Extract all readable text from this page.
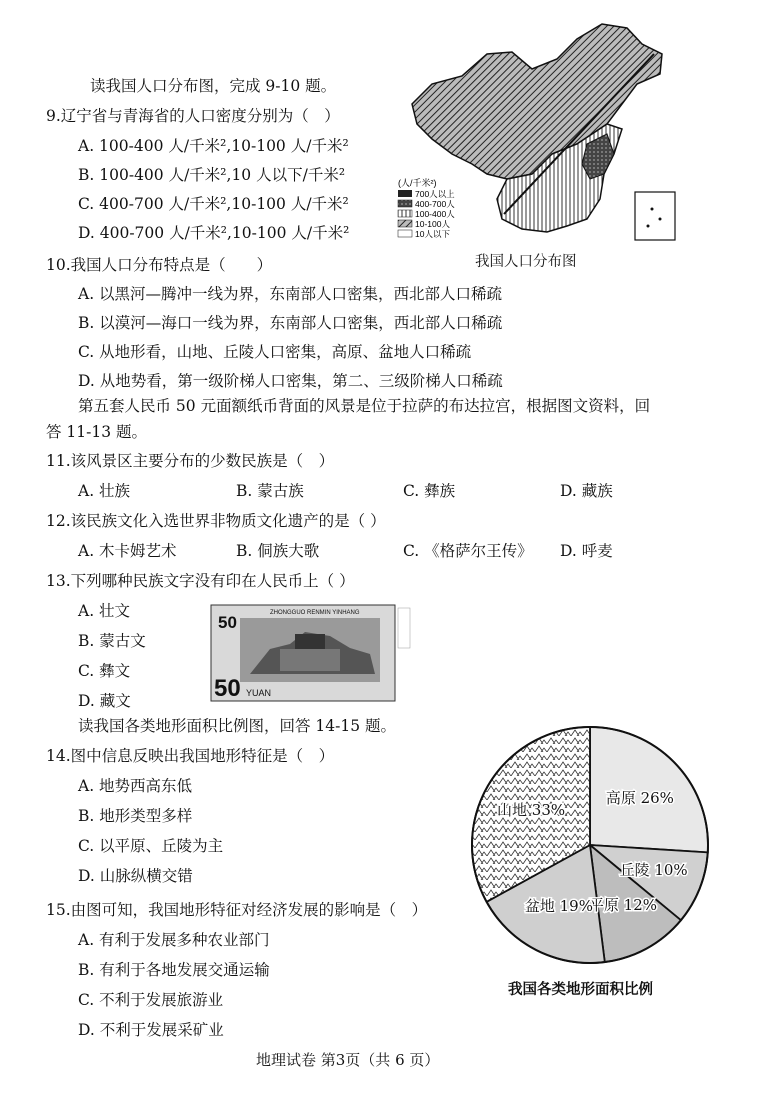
读我国人口分布图，完成 9-10 题。
9.辽宁省与青海省的人口密度分别为（　）
A. 100-400 人/千米²,10-100 人/千米²
B. 100-400 人/千米²,10 人以下/千米²
C. 400-700 人/千米²,10-100 人/千米²
D. 400-700 人/千米²,10-100 人/千米²
(人/千米²)
700人以上
400-700人
100-400人
10-100人
10人以下
我国人口分布图
10.我国人口分布特点是（　　）
A. 以黑河—腾冲一线为界，东南部人口密集，西北部人口稀疏
B. 以漠河—海口一线为界，东南部人口密集，西北部人口稀疏
C. 从地形看，山地、丘陵人口密集，高原、盆地人口稀疏
D. 从地势看，第一级阶梯人口密集，第二、三级阶梯人口稀疏
第五套人民币 50 元面额纸币背面的风景是位于拉萨的布达拉宫，根据图文资料，回
答 11-13 题。
11.该风景区主要分布的少数民族是（　）
A. 壮族	B. 蒙古族	C. 彝族	D. 藏族
12.该民族文化入选世界非物质文化遗产的是（ ）
A. 木卡姆艺术	B. 侗族大歌	C. 《格萨尔王传》 D. 呼麦
13.下列哪种民族文字没有印在人民币上（ ）
A. 壮文
B. 蒙古文
C. 彝文
D. 藏文
50
50 YUAN
ZHONGGUO RENMIN YINHANG
读我国各类地形面积比例图，回答 14-15 题。
14.图中信息反映出我国地形特征是（　）
A. 地势西高东低
B. 地形类型多样
C. 以平原、丘陵为主
D. 山脉纵横交错
15.由图可知，我国地形特征对经济发展的影响是（　）
A. 有利于发展多种农业部门
B. 有利于各地发展交通运输
C. 不利于发展旅游业
D. 不利于发展采矿业
高原 26%
丘陵 10%
平原 12%
盆地 19%
山地 33%
我国各类地形面积比例
地理试卷 第3页（共 6 页）
